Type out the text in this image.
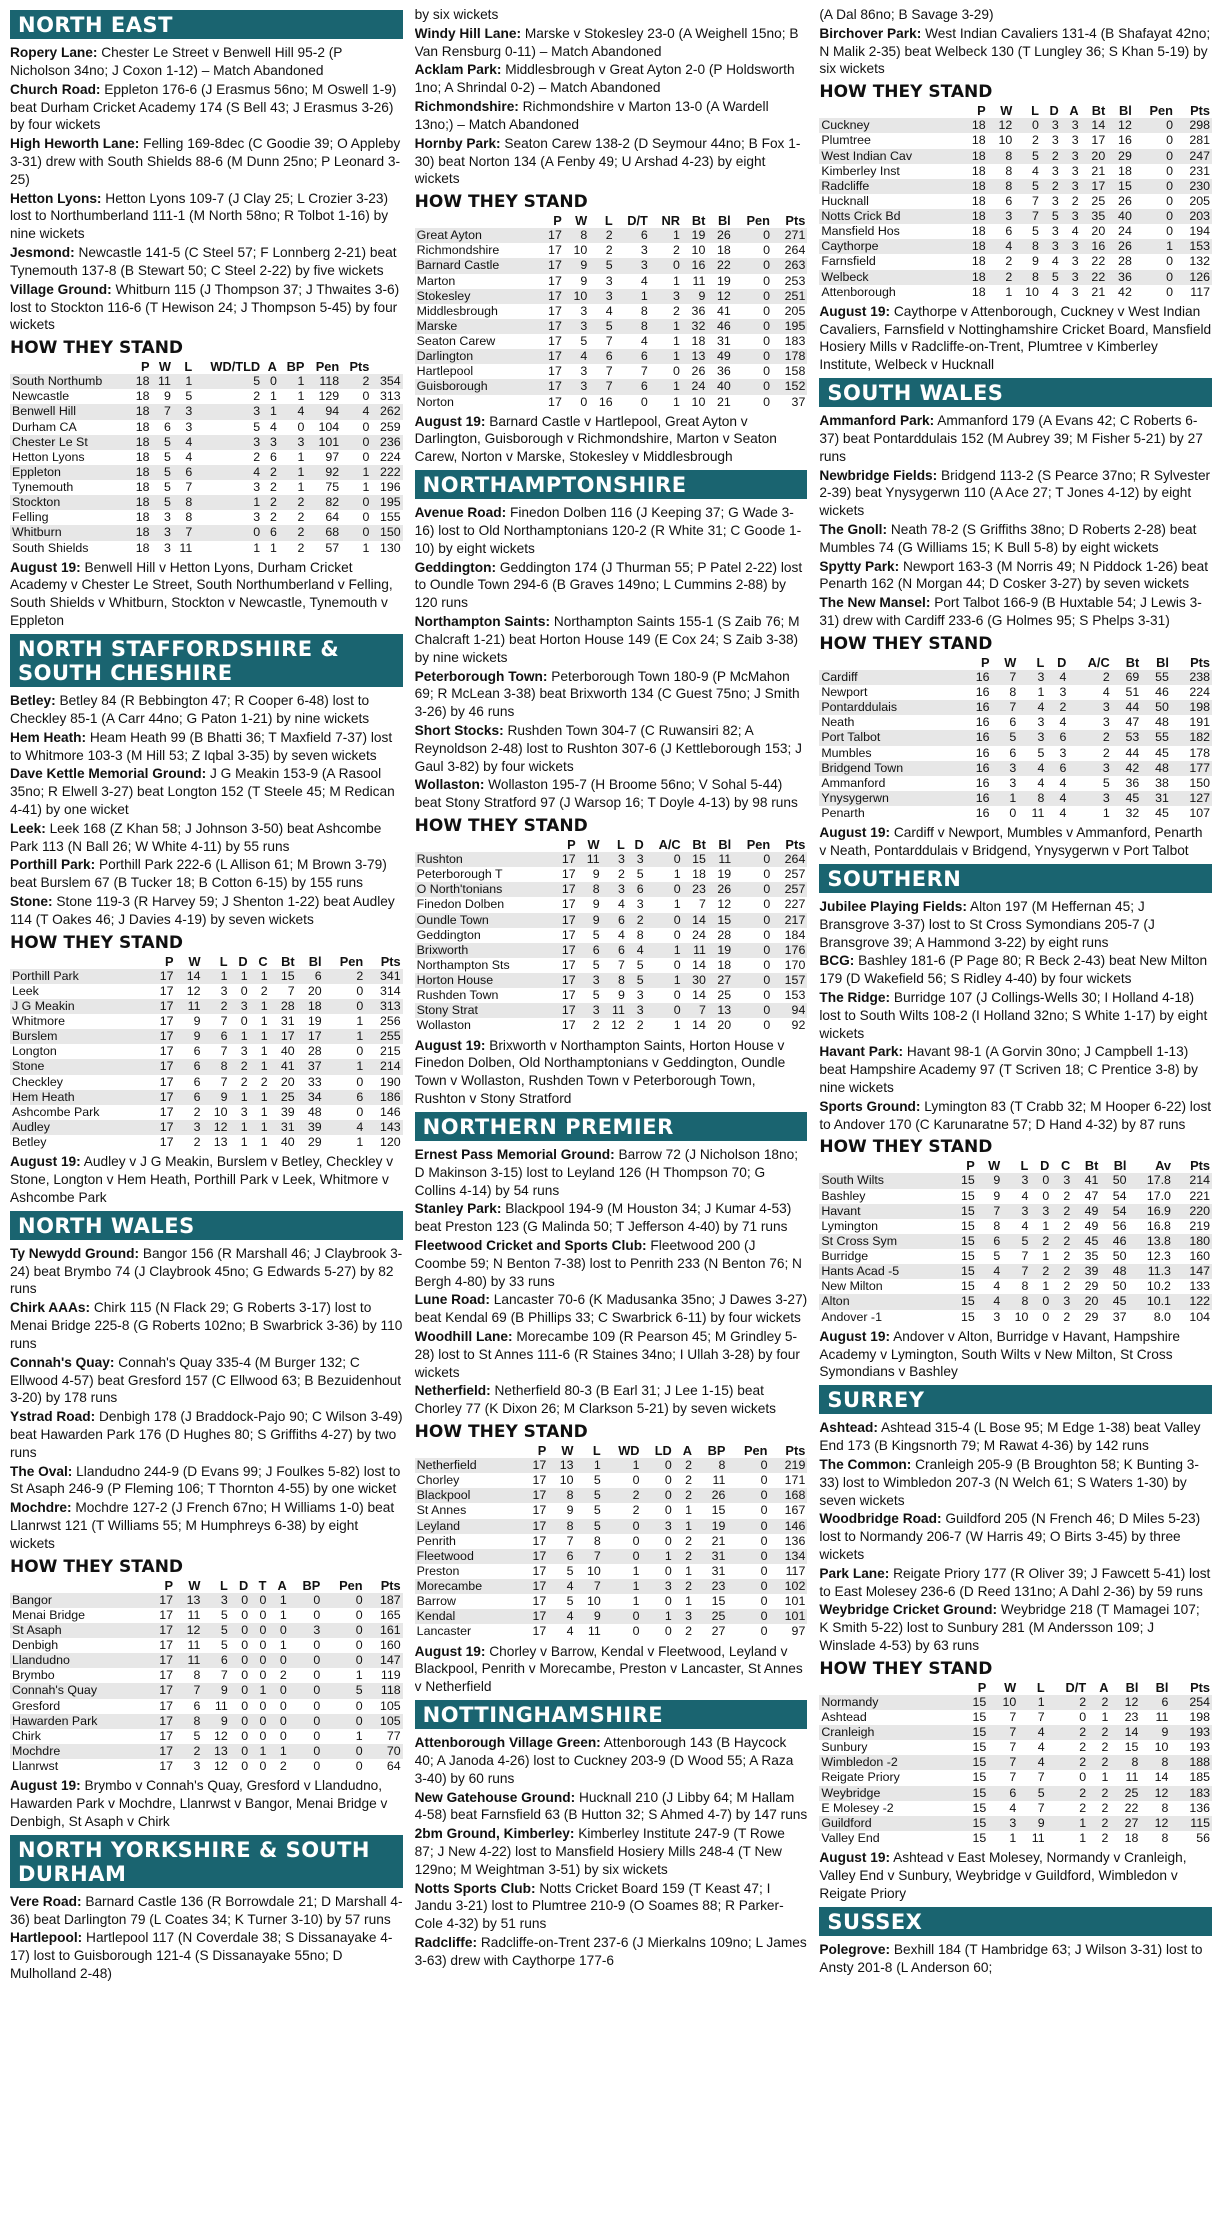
NORTH EAST
Ropery Lane: Chester Le Street v Benwell Hill 95-2 (P Nicholson 34no; J Coxon 1-12) – Match Abandoned
Church Road: Eppleton 176-6 (J Erasmus 56no; M Oswell 1-9) beat Durham Cricket Academy 174 (S Bell 43; J Erasmus 3-26) by four wickets
High Heworth Lane: Felling 169-8dec (C Goodie 39; O Appleby 3-31) drew with South Shields 88-6 (M Dunn 25no; P Leonard 3-25)
Hetton Lyons: Hetton Lyons 109-7 (J Clay 25; L Crozier 3-23) lost to Northumberland 111-1 (M North 58no; R Tolbot 1-16) by nine wickets
Jesmond: Newcastle 141-5 (C Steel 57; F Lonnberg 2-21) beat Tynemouth 137-8 (B Stewart 50; C Steel 2-22) by five wickets
Village Ground: Whitburn 115 (J Thompson 37; J Thwaites 3-6) lost to Stockton 116-6 (T Hewison 24; J Thompson 5-45) by four wickets
HOW THEY STAND
	P	W	L	WD/TLD	A	BP	Pen	Pts	
South Northumb	18	11	1	5	0	1	118	2	354
Newcastle	18	9	5	2	1	1	129	0	313
Benwell Hill	18	7	3	3	1	4	94	4	262
Durham CA	18	6	3	5	4	0	104	0	259
Chester Le St	18	5	4	3	3	3	101	0	236
Hetton Lyons	18	5	4	2	6	1	97	0	224
Eppleton	18	5	6	4	2	1	92	1	222
Tynemouth	18	5	7	3	2	1	75	1	196
Stockton	18	5	8	1	2	2	82	0	195
Felling	18	3	8	3	2	2	64	0	155
Whitburn	18	3	7	0	6	2	68	0	150
South Shields	18	3	11	1	1	2	57	1	130
August 19: Benwell Hill v Hetton Lyons, Durham Cricket Academy v Chester Le Street, South Northumberland v Felling, South Shields v Whitburn, Stockton v Newcastle, Tynemouth v Eppleton
NORTH STAFFORDSHIRE & SOUTH CHESHIRE
Betley: Betley 84 (R Bebbington 47; R Cooper 6-48) lost to Checkley 85-1 (A Carr 44no; G Paton 1-21) by nine wickets
Hem Heath: Heam Heath 99 (B Bhatti 36; T Maxfield 7-37) lost to Whitmore 103-3 (M Hill 53; Z Iqbal 3-35) by seven wickets
Dave Kettle Memorial Ground: J G Meakin 153-9 (A Rasool 35no; R Elwell 3-27) beat Longton 152 (T Steele 45; M Redican 4-41) by one wicket
Leek: Leek 168 (Z Khan 58; J Johnson 3-50) beat Ashcombe Park 113 (N Ball 26; W White 4-11) by 55 runs
Porthill Park: Porthill Park 222-6 (L Allison 61; M Brown 3-79) beat Burslem 67 (B Tucker 18; B Cotton 6-15) by 155 runs
Stone: Stone 119-3 (R Harvey 59; J Shenton 1-22) beat Audley 114 (T Oakes 46; J Davies 4-19) by seven wickets
HOW THEY STAND
	P	W	L	D	C	Bt	Bl	Pen	Pts
Porthill Park	17	14	1	1	1	15	6	2	341
Leek	17	12	3	0	2	7	20	0	314
J G Meakin	17	11	2	3	1	28	18	0	313
Whitmore	17	9	7	0	1	31	19	1	256
Burslem	17	9	6	1	1	17	17	1	255
Longton	17	6	7	3	1	40	28	0	215
Stone	17	6	8	2	1	41	37	1	214
Checkley	17	6	7	2	2	20	33	0	190
Hem Heath	17	6	9	1	1	25	34	6	186
Ashcombe Park	17	2	10	3	1	39	48	0	146
Audley	17	3	12	1	1	31	39	4	143
Betley	17	2	13	1	1	40	29	1	120
August 19: Audley v J G Meakin, Burslem v Betley, Checkley v Stone, Longton v Hem Heath, Porthill Park v Leek, Whitmore v Ashcombe Park
NORTH WALES
Ty Newydd Ground: Bangor 156 (R Marshall 46; J Claybrook 3-24) beat Brymbo 74 (J Claybrook 45no; G Edwards 5-27) by 82 runs
Chirk AAAs: Chirk 115 (N Flack 29; G Roberts 3-17) lost to Menai Bridge 225-8 (G Roberts 102no; B Swarbrick 3-36) by 110 runs
Connah's Quay: Connah's Quay 335-4 (M Burger 132; C Ellwood 4-57) beat Gresford 157 (C Ellwood 63; B Bezuidenhout 3-20) by 178 runs
Ystrad Road: Denbigh 178 (J Braddock-Pajo 90; C Wilson 3-49) beat Hawarden Park 176 (D Hughes 80; S Griffiths 4-27) by two runs
The Oval: Llandudno 244-9 (D Evans 99; J Foulkes 5-82) lost to St Asaph 246-9 (P Fleming 106; T Thornton 4-55) by one wicket
Mochdre: Mochdre 127-2 (J French 67no; H Williams 1-0) beat Llanrwst 121 (T Williams 55; M Humphreys 6-38) by eight wickets
HOW THEY STAND
	P	W	L	D	T	A	BP	Pen	Pts
Bangor	17	13	3	0	0	1	0	0	187
Menai Bridge	17	11	5	0	0	1	0	0	165
St Asaph	17	12	5	0	0	0	3	0	161
Denbigh	17	11	5	0	0	1	0	0	160
Llandudno	17	11	6	0	0	0	0	0	147
Brymbo	17	8	7	0	0	2	0	1	119
Connah's Quay	17	7	9	0	1	0	0	5	118
Gresford	17	6	11	0	0	0	0	0	105
Hawarden Park	17	8	9	0	0	0	0	0	105
Chirk	17	5	12	0	0	0	0	1	77
Mochdre	17	2	13	0	1	1	0	0	70
Llanrwst	17	3	12	0	0	2	0	0	64
August 19: Brymbo v Connah's Quay, Gresford v Llandudno, Hawarden Park v Mochdre, Llanrwst v Bangor, Menai Bridge v Denbigh, St Asaph v Chirk
NORTH YORKSHIRE & SOUTH DURHAM
Vere Road: Barnard Castle 136 (R Borrowdale 21; D Marshall 4-36) beat Darlington 79 (L Coates 34; K Turner 3-10) by 57 runs
Hartlepool: Hartlepool 117 (N Coverdale 38; S Dissanayake 4-17) lost to Guisborough 121-4 (S Dissanayake 55no; D Mulholland 2-48)
by six wickets
Windy Hill Lane: Marske v Stokesley 23-0 (A Weighell 15no; B Van Rensburg 0-11) – Match Abandoned
Acklam Park: Middlesbrough v Great Ayton 2-0 (P Holdsworth 1no; A Shrindal 0-2) – Match Abandoned
Richmondshire: Richmondshire v Marton 13-0 (A Wardell 13no;) – Match Abandoned
Hornby Park: Seaton Carew 138-2 (D Seymour 44no; B Fox 1-30) beat Norton 134 (A Fenby 49; U Arshad 4-23) by eight wickets
HOW THEY STAND
	P	W	L	D/T	NR	Bt	Bl	Pen	Pts
Great Ayton	17	8	2	6	1	19	26	0	271
Richmondshire	17	10	2	3	2	10	18	0	264
Barnard Castle	17	9	5	3	0	16	22	0	263
Marton	17	9	3	4	1	11	19	0	253
Stokesley	17	10	3	1	3	9	12	0	251
Middlesbrough	17	3	4	8	2	36	41	0	205
Marske	17	3	5	8	1	32	46	0	195
Seaton Carew	17	5	7	4	1	18	31	0	183
Darlington	17	4	6	6	1	13	49	0	178
Hartlepool	17	3	7	7	0	26	36	0	158
Guisborough	17	3	7	6	1	24	40	0	152
Norton	17	0	16	0	1	10	21	0	37
August 19: Barnard Castle v Hartlepool, Great Ayton v Darlington, Guisborough v Richmondshire, Marton v Seaton Carew, Norton v Marske, Stokesley v Middlesbrough
NORTHAMPTONSHIRE
Avenue Road: Finedon Dolben 116 (J Keeping 37; G Wade 3-16) lost to Old Northamptonians 120-2 (R White 31; C Goode 1-10) by eight wickets
Geddington: Geddington 174 (J Thurman 55; P Patel 2-22) lost to Oundle Town 294-6 (B Graves 149no; L Cummins 2-88) by 120 runs
Northampton Saints: Northampton Saints 155-1 (S Zaib 76; M Chalcraft 1-21) beat Horton House 149 (E Cox 24; S Zaib 3-38) by nine wickets
Peterborough Town: Peterborough Town 180-9 (P McMahon 69; R McLean 3-38) beat Brixworth 134 (C Guest 75no; J Smith 3-26) by 46 runs
Short Stocks: Rushden Town 304-7 (C Ruwansiri 82; A Reynoldson 2-48) lost to Rushton 307-6 (J Kettleborough 153; J Gaul 3-82) by four wickets
Wollaston: Wollaston 195-7 (H Broome 56no; V Sohal 5-44) beat Stony Stratford 97 (J Warsop 16; T Doyle 4-13) by 98 runs
HOW THEY STAND
	P	W	L	D	A/C	Bt	Bl	Pen	Pts
Rushton	17	11	3	3	0	15	11	0	264
Peterborough T	17	9	2	5	1	18	19	0	257
O North'tonians	17	8	3	6	0	23	26	0	257
Finedon Dolben	17	9	4	3	1	7	12	0	227
Oundle Town	17	9	6	2	0	14	15	0	217
Geddington	17	5	4	8	0	24	28	0	184
Brixworth	17	6	6	4	1	11	19	0	176
Northampton Sts	17	5	7	5	0	14	18	0	170
Horton House	17	3	8	5	1	30	27	0	157
Rushden Town	17	5	9	3	0	14	25	0	153
Stony Strat	17	3	11	3	0	7	13	0	94
Wollaston	17	2	12	2	1	14	20	0	92
August 19: Brixworth v Northampton Saints, Horton House v Finedon Dolben, Old Northamptonians v Geddington, Oundle Town v Wollaston, Rushden Town v Peterborough Town, Rushton v Stony Stratford
NORTHERN PREMIER
Ernest Pass Memorial Ground: Barrow 72 (J Nicholson 18no; D Makinson 3-15) lost to Leyland 126 (H Thompson 70; G Collins 4-14) by 54 runs
Stanley Park: Blackpool 194-9 (M Houston 34; J Kumar 4-53) beat Preston 123 (G Malinda 50; T Jefferson 4-40) by 71 runs
Fleetwood Cricket and Sports Club: Fleetwood 200 (J Coombe 59; N Benton 7-38) lost to Penrith 233 (N Benton 76; N Bergh 4-80) by 33 runs
Lune Road: Lancaster 70-6 (K Madusanka 35no; J Dawes 3-27) beat Kendal 69 (B Phillips 33; C Swarbrick 6-11) by four wickets
Woodhill Lane: Morecambe 109 (R Pearson 45; M Grindley 5-28) lost to St Annes 111-6 (R Staines 34no; I Ullah 3-28) by four wickets
Netherfield: Netherfield 80-3 (B Earl 31; J Lee 1-15) beat Chorley 77 (K Dixon 26; M Clarkson 5-21) by seven wickets
HOW THEY STAND
	P	W	L	WD	LD	A	BP	Pen	Pts
Netherfield	17	13	1	1	0	2	8	0	219
Chorley	17	10	5	0	0	2	11	0	171
Blackpool	17	8	5	2	0	2	26	0	168
St Annes	17	9	5	2	0	1	15	0	167
Leyland	17	8	5	0	3	1	19	0	146
Penrith	17	7	8	0	0	2	21	0	136
Fleetwood	17	6	7	0	1	2	31	0	134
Preston	17	5	10	1	0	1	31	0	117
Morecambe	17	4	7	1	3	2	23	0	102
Barrow	17	5	10	1	0	1	15	0	101
Kendal	17	4	9	0	1	3	25	0	101
Lancaster	17	4	11	0	0	2	27	0	97
August 19: Chorley v Barrow, Kendal v Fleetwood, Leyland v Blackpool, Penrith v Morecambe, Preston v Lancaster, St Annes v Netherfield
NOTTINGHAMSHIRE
Attenborough Village Green: Attenborough 143 (B Haycock 40; A Janoda 4-26) lost to Cuckney 203-9 (D Wood 55; A Raza 3-40) by 60 runs
New Gatehouse Ground: Hucknall 210 (J Libby 64; M Hallam 4-58) beat Farnsfield 63 (B Hutton 32; S Ahmed 4-7) by 147 runs
2bm Ground, Kimberley: Kimberley Institute 247-9 (T Rowe 87; J New 4-22) lost to Mansfield Hosiery Mills 248-4 (T New 129no; M Weightman 3-51) by six wickets
Notts Sports Club: Notts Cricket Board 159 (T Keast 47; I Jandu 3-21) lost to Plumtree 210-9 (O Soames 88; R Parker-Cole 4-32) by 51 runs
Radcliffe: Radcliffe-on-Trent 237-6 (J Mierkalns 109no; L James 3-63) drew with Caythorpe 177-6
(A Dal 86no; B Savage 3-29)
Birchover Park: West Indian Cavaliers 131-4 (B Shafayat 42no; N Malik 2-35) beat Welbeck 130 (T Lungley 36; S Khan 5-19) by six wickets
HOW THEY STAND
	P	W	L	D	A	Bt	Bl	Pen	Pts
Cuckney	18	12	0	3	3	14	12	0	298
Plumtree	18	10	2	3	3	17	16	0	281
West Indian Cav	18	8	5	2	3	20	29	0	247
Kimberley Inst	18	8	4	3	3	21	18	0	231
Radcliffe	18	8	5	2	3	17	15	0	230
Hucknall	18	6	7	3	2	25	26	0	205
Notts Crick Bd	18	3	7	5	3	35	40	0	203
Mansfield Hos	18	6	5	3	4	20	24	0	194
Caythorpe	18	4	8	3	3	16	26	1	153
Farnsfield	18	2	9	4	3	22	28	0	132
Welbeck	18	2	8	5	3	22	36	0	126
Attenborough	18	1	10	4	3	21	42	0	117
August 19: Caythorpe v Attenborough, Cuckney v West Indian Cavaliers, Farnsfield v Nottinghamshire Cricket Board, Mansfield Hosiery Mills v Radcliffe-on-Trent, Plumtree v Kimberley Institute, Welbeck v Hucknall
SOUTH WALES
Ammanford Park: Ammanford 179 (A Evans 42; C Roberts 6-37) beat Pontarddulais 152 (M Aubrey 39; M Fisher 5-21) by 27 runs
Newbridge Fields: Bridgend 113-2 (S Pearce 37no; R Sylvester 2-39) beat Ynysygerwn 110 (A Ace 27; T Jones 4-12) by eight wickets
The Gnoll: Neath 78-2 (S Griffiths 38no; D Roberts 2-28) beat Mumbles 74 (G Williams 15; K Bull 5-8) by eight wickets
Spytty Park: Newport 163-3 (M Norris 49; N Piddock 1-26) beat Penarth 162 (N Morgan 44; D Cosker 3-27) by seven wickets
The New Mansel: Port Talbot 166-9 (B Huxtable 54; J Lewis 3-31) drew with Cardiff 233-6 (G Holmes 95; S Phelps 3-31)
HOW THEY STAND
	P	W	L	D	A/C	Bt	Bl	Pts
Cardiff	16	7	3	4	2	69	55	238
Newport	16	8	1	3	4	51	46	224
Pontarddulais	16	7	4	2	3	44	50	198
Neath	16	6	3	4	3	47	48	191
Port Talbot	16	5	3	6	2	53	55	182
Mumbles	16	6	5	3	2	44	45	178
Bridgend Town	16	3	4	6	3	42	48	177
Ammanford	16	3	4	4	5	36	38	150
Ynysygerwn	16	1	8	4	3	45	31	127
Penarth	16	0	11	4	1	32	45	107
August 19: Cardiff v Newport, Mumbles v Ammanford, Penarth v Neath, Pontarddulais v Bridgend, Ynysygerwn v Port Talbot
SOUTHERN
Jubilee Playing Fields: Alton 197 (M Heffernan 45; J Bransgrove 3-37) lost to St Cross Symondians 205-7 (J Bransgrove 39; A Hammond 3-22) by eight runs
BCG: Bashley 181-6 (P Page 80; R Beck 2-43) beat New Milton 179 (D Wakefield 56; S Ridley 4-40) by four wickets
The Ridge: Burridge 107 (J Collings-Wells 30; I Holland 4-18) lost to South Wilts 108-2 (I Holland 32no; S White 1-17) by eight wickets
Havant Park: Havant 98-1 (A Gorvin 30no; J Campbell 1-13) beat Hampshire Academy 97 (T Scriven 18; C Prentice 3-8) by nine wickets
Sports Ground: Lymington 83 (T Crabb 32; M Hooper 6-22) lost to Andover 170 (C Karunaratne 57; D Hand 4-32) by 87 runs
HOW THEY STAND
	P	W	L	D	C	Bt	Bl	Av	Pts
South Wilts	15	9	3	0	3	41	50	17.8	214
Bashley	15	9	4	0	2	47	54	17.0	221
Havant	15	7	3	3	2	49	54	16.9	220
Lymington	15	8	4	1	2	49	56	16.8	219
St Cross Sym	15	6	5	2	2	45	46	13.8	180
Burridge	15	5	7	1	2	35	50	12.3	160
Hants Acad -5	15	4	7	2	2	39	48	11.3	147
New Milton	15	4	8	1	2	29	50	10.2	133
Alton	15	4	8	0	3	20	45	10.1	122
Andover -1	15	3	10	0	2	29	37	8.0	104
August 19: Andover v Alton, Burridge v Havant, Hampshire Academy v Lymington, South Wilts v New Milton, St Cross Symondians v Bashley
SURREY
Ashtead: Ashtead 315-4 (L Bose 95; M Edge 1-38) beat Valley End 173 (B Kingsnorth 79; M Rawat 4-36) by 142 runs
The Common: Cranleigh 205-9 (B Broughton 58; K Bunting 3-33) lost to Wimbledon 207-3 (N Welch 61; S Waters 1-30) by seven wickets
Woodbridge Road: Guildford 205 (N French 46; D Miles 5-23) lost to Normandy 206-7 (W Harris 49; O Birts 3-45) by three wickets
Park Lane: Reigate Priory 177 (R Oliver 39; J Fawcett 5-41) lost to East Molesey 236-6 (D Reed 131no; A Dahl 2-36) by 59 runs
Weybridge Cricket Ground: Weybridge 218 (T Mamagei 107; K Smith 5-22) lost to Sunbury 281 (M Andersson 109; J Winslade 4-53) by 63 runs
HOW THEY STAND
	P	W	L	D/T	A	Bl	Bl	Pts
Normandy	15	10	1	2	2	12	6	254
Ashtead	15	7	7	0	1	23	11	198
Cranleigh	15	7	4	2	2	14	9	193
Sunbury	15	7	4	2	2	15	10	193
Wimbledon -2	15	7	4	2	2	8	8	188
Reigate Priory	15	7	7	0	1	11	14	185
Weybridge	15	6	5	2	2	25	12	183
E Molesey -2	15	4	7	2	2	22	8	136
Guildford	15	3	9	1	2	27	12	115
Valley End	15	1	11	1	2	18	8	56
August 19: Ashtead v East Molesey, Normandy v Cranleigh, Valley End v Sunbury, Weybridge v Guildford, Wimbledon v Reigate Priory
SUSSEX
Polegrove: Bexhill 184 (T Hambridge 63; J Wilson 3-31) lost to Ansty 201-8 (L Anderson 60;
